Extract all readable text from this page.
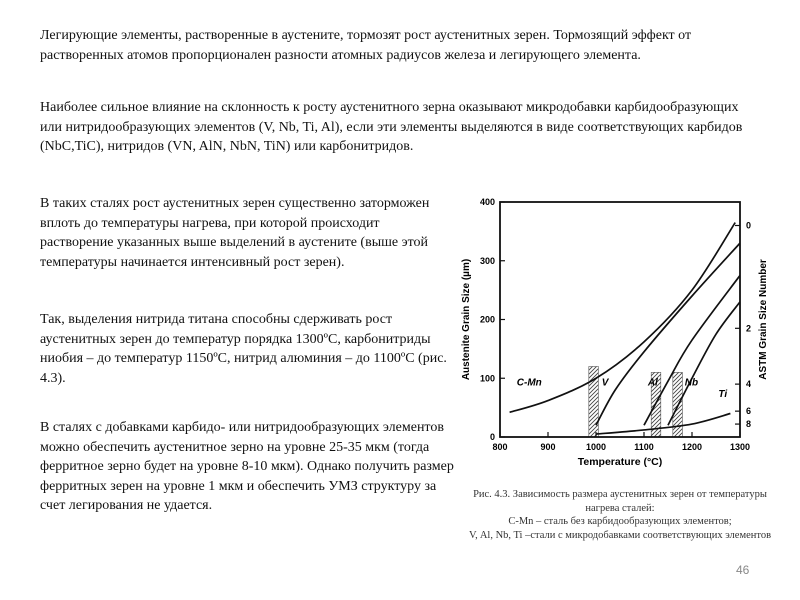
Легирующие элементы, растворенные в аустените, тормозят рост аустенитных зерен. Тормозящий эффект от растворенных атомов пропорционален разности атомных радиусов железа и легирующего элемента.
Наиболее сильное влияние на склонность к росту аустенитного зерна оказывают микродобавки карбидообразующих или нитридообразующих элементов (V, Nb, Ti, Al), если эти элементы выделяются в виде соответствующих карбидов (NbC,TiC), нитридов (VN, AlN, NbN, TiN) или карбонитридов.
В таких сталях рост аустенитных зерен существенно заторможен вплоть до температуры нагрева, при которой происходит растворение указанных выше выделений в аустените (выше этой температуры начинается интенсивный рост зерен).
Так, выделения нитрида титана способны сдерживать рост аустенитных зерен до температур порядка 1300ºС, карбонитриды ниобия – до температур 1150ºС, нитрид алюминия – до 1100ºС (рис. 4.3).
В сталях с добавками карбидо- или нитридообразующих элементов можно обеспечить аустенитное зерно на уровне 25-35 мкм (тогда ферритное зерно будет на уровне 8-10 мкм). Однако получить размер ферритных зерен на уровне 1 мкм и обеспечить УМЗ структуру за счет легирования не удается.
800	900	1000	1100	1200	1300
0
100
200
300
400
0
2
4
6
8
Temperature (°C)
Austenite Grain Size (µm)	ASTM Grain Size Number
C-Mn	V	Al	Nb
Ti
Рис. 4.3. Зависимость размера аустенитных зерен от температуры нагрева сталей:
C-Mn – сталь без карбидообразующих элементов;
V, Al, Nb, Ti –стали с микродобавками соответствующих элементов
46
